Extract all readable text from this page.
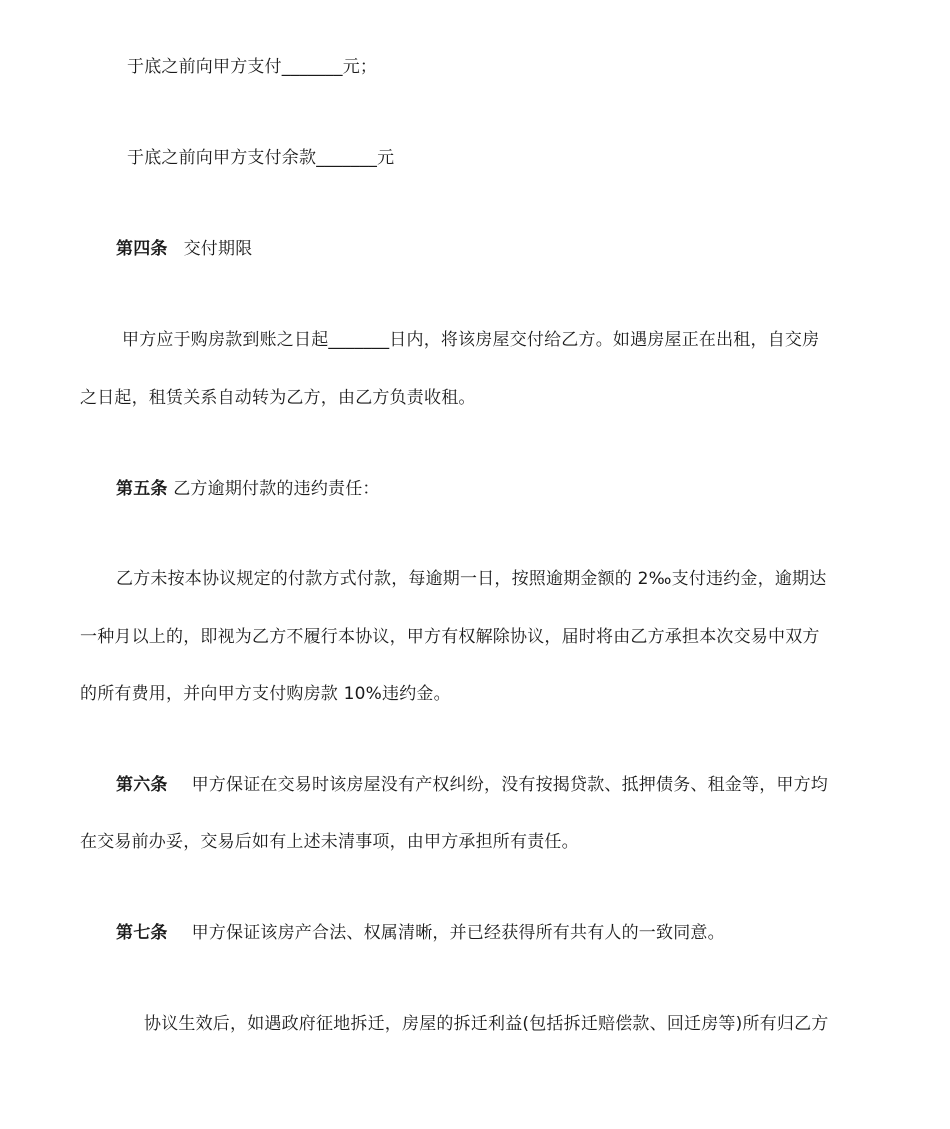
于底之前向甲方支付_______元；
于底之前向甲方支付余款_______元
第四条 交付期限
甲方应于购房款到账之日起_______日内，将该房屋交付给乙方。如遇房屋正在出租，自交房
之日起，租赁关系自动转为乙方，由乙方负责收租。
第五条 乙方逾期付款的违约责任：
乙方未按本协议规定的付款方式付款，每逾期一日，按照逾期金额的 2‰支付违约金，逾期达
一种月以上的，即视为乙方不履行本协议，甲方有权解除协议，届时将由乙方承担本次交易中双方
的所有费用，并向甲方支付购房款 10%违约金。
第六条 甲方保证在交易时该房屋没有产权纠纷，没有按揭贷款、抵押债务、租金等，甲方均
在交易前办妥，交易后如有上述未清事项，由甲方承担所有责任。
第七条 甲方保证该房产合法、权属清晰，并已经获得所有共有人的一致同意。
协议生效后，如遇政府征地拆迁，房屋的拆迁利益(包括拆迁赔偿款、回迁房等)所有归乙方
